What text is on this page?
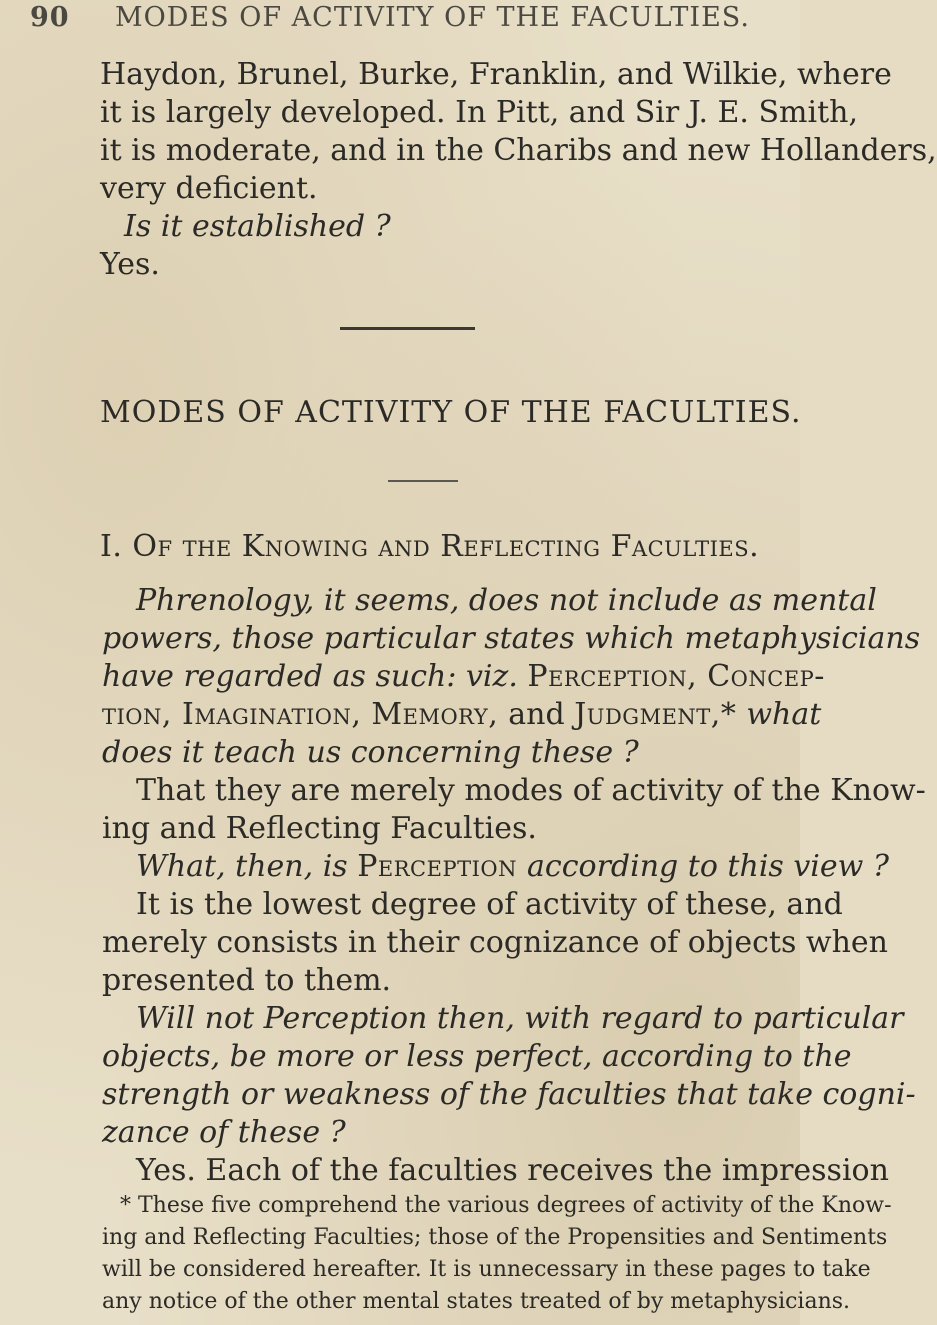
90 MODES OF ACTIVITY OF THE FACULTIES.
Haydon, Brunel, Burke, Franklin, and Wilkie, where
it is largely developed. In Pitt, and Sir J. E. Smith,
it is moderate, and in the Charibs and new Hollanders,
very deficient.
Is it established ?
Yes.
MODES OF ACTIVITY OF THE FACULTIES.
I. Of the Knowing and Reflecting Faculties.
Phrenology, it seems, does not include as mental
powers, those particular states which metaphysicians
have regarded as such: viz. Perception, Concep-
tion, Imagination, Memory, and Judgment,* what
does it teach us concerning these ?
That they are merely modes of activity of the Know-
ing and Reflecting Faculties.
What, then, is Perception according to this view ?
It is the lowest degree of activity of these, and
merely consists in their cognizance of objects when
presented to them.
Will not Perception then, with regard to particular
objects, be more or less perfect, according to the
strength or weakness of the faculties that take cogni-
zance of these ?
Yes. Each of the faculties receives the impression
* These five comprehend the various degrees of activity of the Know-
ing and Reflecting Faculties; those of the Propensities and Sentiments
will be considered hereafter. It is unnecessary in these pages to take
any notice of the other mental states treated of by metaphysicians.
